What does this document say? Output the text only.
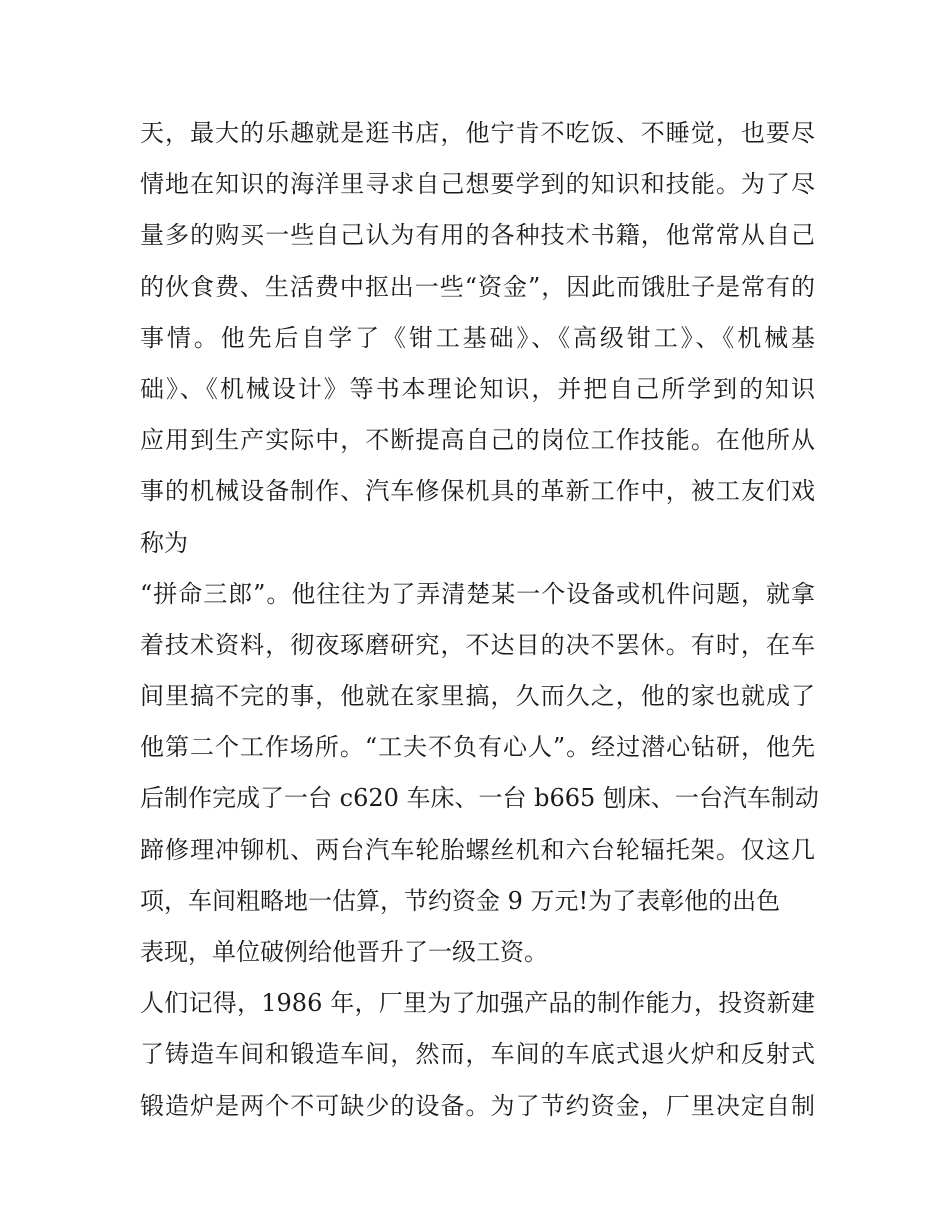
天，最大的乐趣就是逛书店，他宁肯不吃饭、不睡觉，也要尽
情地在知识的海洋里寻求自己想要学到的知识和技能。为了尽
量多的购买一些自己认为有用的各种技术书籍，他常常从自己
的伙食费、生活费中抠出一些“资金”，因此而饿肚子是常有的
事情。他先后自学了《钳工基础》、《高级钳工》、《机械基
础》、《机械设计》等书本理论知识，并把自己所学到的知识
应用到生产实际中，不断提高自己的岗位工作技能。在他所从
事的机械设备制作、汽车修保机具的革新工作中，被工友们戏
称为
“拼命三郎”。他往往为了弄清楚某一个设备或机件问题，就拿
着技术资料，彻夜琢磨研究，不达目的决不罢休。有时，在车
间里搞不完的事，他就在家里搞，久而久之，他的家也就成了
他第二个工作场所。“工夫不负有心人”。经过潜心钻研，他先
后制作完成了一台 c620 车床、一台 b665 刨床、一台汽车制动
蹄修理冲铆机、两台汽车轮胎螺丝机和六台轮辐托架。仅这几
项，车间粗略地一估算，节约资金 9 万元!为了表彰他的出色
表现，单位破例给他晋升了一级工资。
人们记得，1986 年，厂里为了加强产品的制作能力，投资新建
了铸造车间和锻造车间，然而，车间的车底式退火炉和反射式
锻造炉是两个不可缺少的设备。为了节约资金，厂里决定自制
